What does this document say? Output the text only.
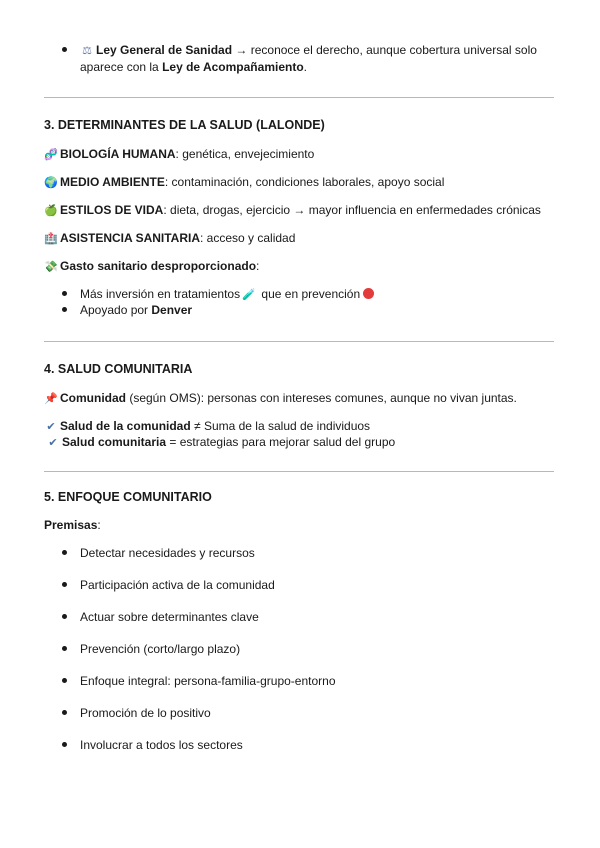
⚖ Ley General de Sanidad → reconoce el derecho, aunque cobertura universal solo
aparece con la Ley de Acompañamiento.
3. DETERMINANTES DE LA SALUD (LALONDE)
🧬 BIOLOGÍA HUMANA: genética, envejecimiento
🌍 MEDIO AMBIENTE: contaminación, condiciones laborales, apoyo social
🍏 ESTILOS DE VIDA: dieta, drogas, ejercicio → mayor influencia en enfermedades crónicas
🏥 ASISTENCIA SANITARIA: acceso y calidad
💸 Gasto sanitario desproporcionado:
Más inversión en tratamientos 🧪 que en prevención
Apoyado por Denver
4. SALUD COMUNITARIA
📌 Comunidad (según OMS): personas con intereses comunes, aunque no vivan juntas.
✔ Salud de la comunidad ≠ Suma de la salud de individuos
✔ Salud comunitaria = estrategias para mejorar salud del grupo
5. ENFOQUE COMUNITARIO
Premisas:
Detectar necesidades y recursos
Participación activa de la comunidad
Actuar sobre determinantes clave
Prevención (corto/largo plazo)
Enfoque integral: persona-familia-grupo-entorno
Promoción de lo positivo
Involucrar a todos los sectores
